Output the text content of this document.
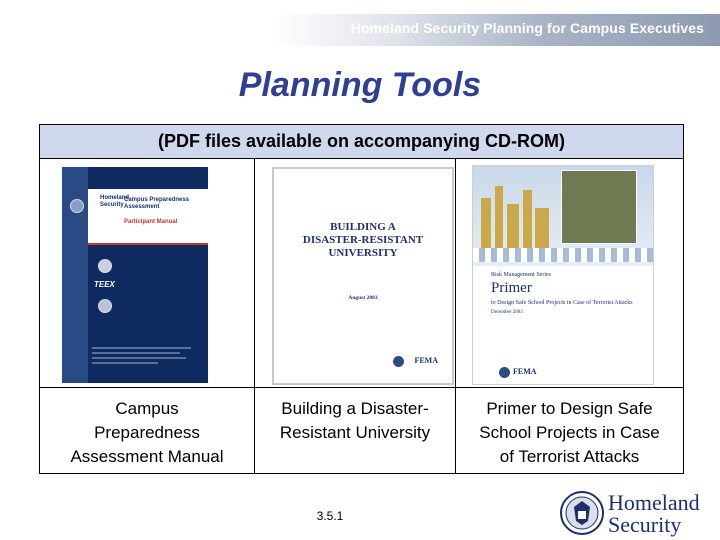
Homeland Security Planning for Campus Executives
Planning Tools
(PDF files available on accompanying CD-ROM)
Homeland
Security
Campus Preparedness
Assessment
Participant Manual
TEEX
BUILDING A
DISASTER-RESISTANT
UNIVERSITY
August 2003
FEMA
Risk Management Series
Primer
to Design Safe School Projects in Case of Terrorist Attacks
December 2003
FEMA
Campus
Preparedness
Assessment Manual
Building a Disaster-
Resistant University
Primer to Design Safe
School Projects in Case
of Terrorist Attacks
3.5.1
Homeland
Security
